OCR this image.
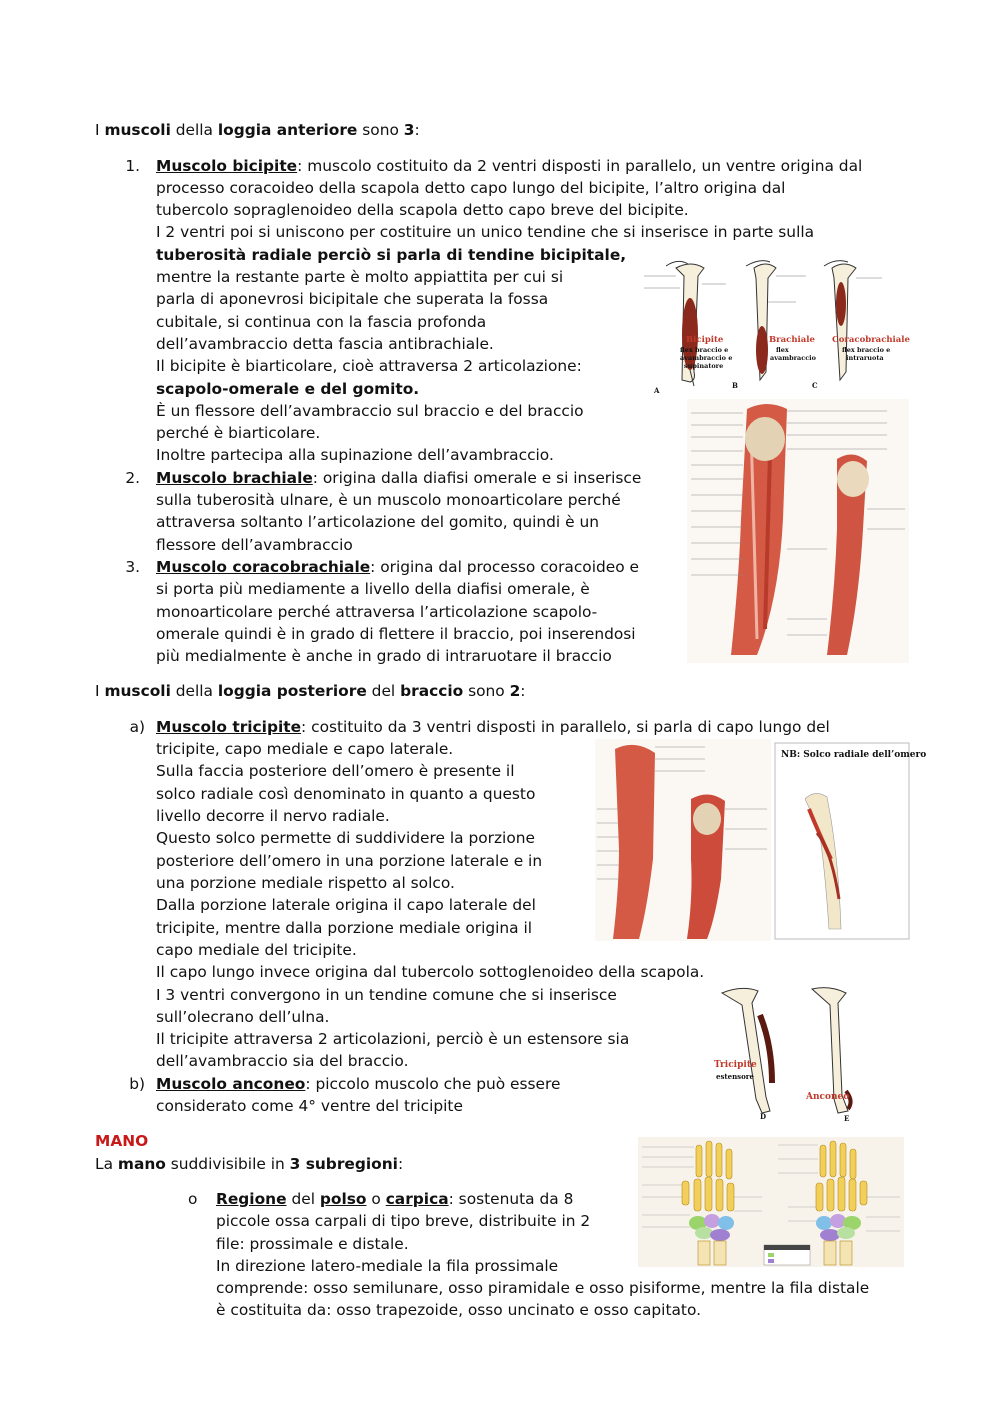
I muscoli della loggia anteriore sono 3:
1. Muscolo bicipite: muscolo costituito da 2 ventri disposti in parallelo, un ventre origina dal
processo coracoideo della scapola detto capo lungo del bicipite, l’altro origina dal
tubercolo sopraglenoideo della scapola detto capo breve del bicipite.
I 2 ventri poi si uniscono per costituire un unico tendine che si inserisce in parte sulla
tuberosità radiale perciò si parla di tendine bicipitale,
mentre la restante parte è molto appiattita per cui si
parla di aponevrosi bicipitale che superata la fossa
cubitale, si continua con la fascia profonda
dell’avambraccio detta fascia antibrachiale.
Il bicipite è biarticolare, cioè attraversa 2 articolazione:
scapolo-omerale e del gomito.
È un flessore dell’avambraccio sul braccio e del braccio
perché è biarticolare.
Inoltre partecipa alla supinazione dell’avambraccio.
2. Muscolo brachiale: origina dalla diafisi omerale e si inserisce
sulla tuberosità ulnare, è un muscolo monoarticolare perché
attraversa soltanto l’articolazione del gomito, quindi è un
flessore dell’avambraccio
3. Muscolo coracobrachiale: origina dal processo coracoideo e
si porta più mediamente a livello della diafisi omerale, è
monoarticolare perché attraversa l’articolazione scapolo-
omerale quindi è in grado di flettere il braccio, poi inserendosi
più medialmente è anche in grado di intraruotare il braccio
I muscoli della loggia posteriore del braccio sono 2:
a) Muscolo tricipite: costituito da 3 ventri disposti in parallelo, si parla di capo lungo del
tricipite, capo mediale e capo laterale.
Sulla faccia posteriore dell’omero è presente il
solco radiale così denominato in quanto a questo
livello decorre il nervo radiale.
Questo solco permette di suddividere la porzione
posteriore dell’omero in una porzione laterale e in
una porzione mediale rispetto al solco.
Dalla porzione laterale origina il capo laterale del
tricipite, mentre dalla porzione mediale origina il
capo mediale del tricipite.
Il capo lungo invece origina dal tubercolo sottoglenoideo della scapola.
I 3 ventri convergono in un tendine comune che si inserisce
sull’olecrano dell’ulna.
Il tricipite attraversa 2 articolazioni, perciò è un estensore sia
dell’avambraccio sia del braccio.
b) Muscolo anconeo: piccolo muscolo che può essere
considerato come 4° ventre del tricipite
MANO
La mano suddivisibile in 3 subregioni:
o Regione del polso o carpica: sostenuta da 8
piccole ossa carpali di tipo breve, distribuite in 2
file: prossimale e distale.
In direzione latero-mediale la fila prossimale
comprende: osso semilunare, osso piramidale e osso pisiforme, mentre la fila distale
è costituita da: osso trapezoide, osso uncinato e osso capitato.
Bicipite
flex braccio e
avambraccio e
supinatore
Brachiale
flex
avambraccio
Coracobrachiale
flex braccio e
intraruota
A
B	C
NB: Solco radiale dell’omero
Tricipite
estensore
Anconeo
D	E
